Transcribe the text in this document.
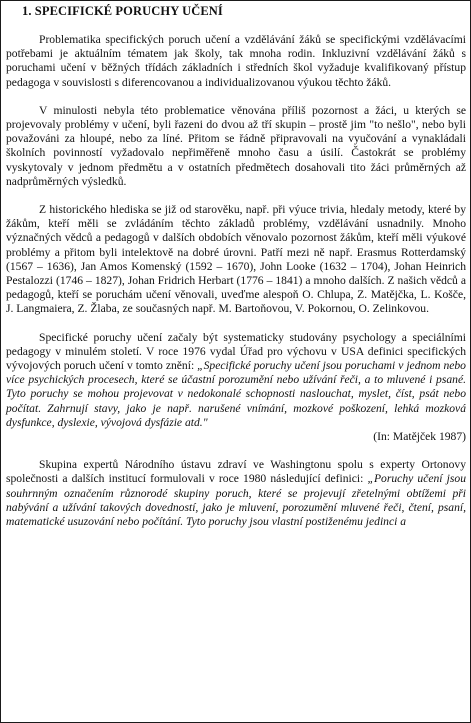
1. SPECIFICKÉ PORUCHY UČENÍ

Problematika specifických poruch učení a vzdělávání žáků se specifickými vzdělávacími potřebami je aktuálním tématem jak školy, tak mnoha rodin. Inkluzivní vzdělávání žáků s poruchami učení v běžných třídách základních i středních škol vyžaduje kvalifikovaný přístup pedagoga v souvislosti s diferencovanou a individualizovanou výukou těchto žáků.

V minulosti nebyla této problematice věnována příliš pozornost a žáci, u kterých se projevovaly problémy v učení, byli řazeni do dvou až tří skupin – prostě jim "to nešlo", nebo byli považováni za hloupé, nebo za líné. Přitom se řádně připravovali na vyučování a vynakládali školních povinností vyžadovalo nepřiměřeně mnoho času a úsilí. Častokrát se problémy vyskytovaly v jednom předmětu a v ostatních předmětech dosahovali tito žáci průměrných až nadprůměrných výsledků.

Z historického hlediska se již od starověku, např. při výuce trivia, hledaly metody, které by žákům, kteří měli se zvládáním těchto základů problémy, vzdělávání usnadnily. Mnoho význačných vědců a pedagogů v dalších obdobích věnovalo pozornost žákům, kteří měli výukové problémy a přitom byli intelektově na dobré úrovni. Patří mezi ně např. Erasmus Rotterdamský (1567 – 1636), Jan Amos Komenský (1592 – 1670), John Looke (1632 – 1704), Johan Heinrich Pestalozzi (1746 – 1827), Johan Fridrich Herbart (1776 – 1841) a mnoho dalších. Z našich vědců a pedagogů, kteří se poruchám učení věnovali, uveďme alespoň O. Chlupa, Z. Matějčka, L. Košče, J. Langmaiera, Z. Žlaba, ze současných např. M. Bartoňovou, V. Pokornou, O. Zelinkovou.

Specifické poruchy učení začaly být systematicky studovány psychology a speciálními pedagogy v minulém století. V roce 1976 vydal Úřad pro výchovu v USA definici specifických vývojových poruch učení v tomto znění: „Specifické poruchy učení jsou poruchami v jednom nebo více psychických procesech, které se účastní porozumění nebo užívání řeči, a to mluvené i psané. Tyto poruchy se mohou projevovat v nedokonalé schopnosti naslouchat, myslet, číst, psát nebo počítat. Zahrnují stavy, jako je např. narušené vnímání, mozkové poškození, lehká mozková dysfunkce, dyslexie, vývojová dysfázie atd."
(In: Matějček 1987)

Skupina expertů Národního ústavu zdraví ve Washingtonu spolu s experty Ortonovy společnosti a dalších institucí formulovali v roce 1980 následující definici: „Poruchy učení jsou souhrnným označením různorodé skupiny poruch, které se projevují zřetelnými obtížemi při nabývání a užívání takových dovedností, jako je mluvení, porozumění mluvené řeči, čtení, psaní, matematické usuzování nebo počítání. Tyto poruchy jsou vlastní postiženému jedinci a
